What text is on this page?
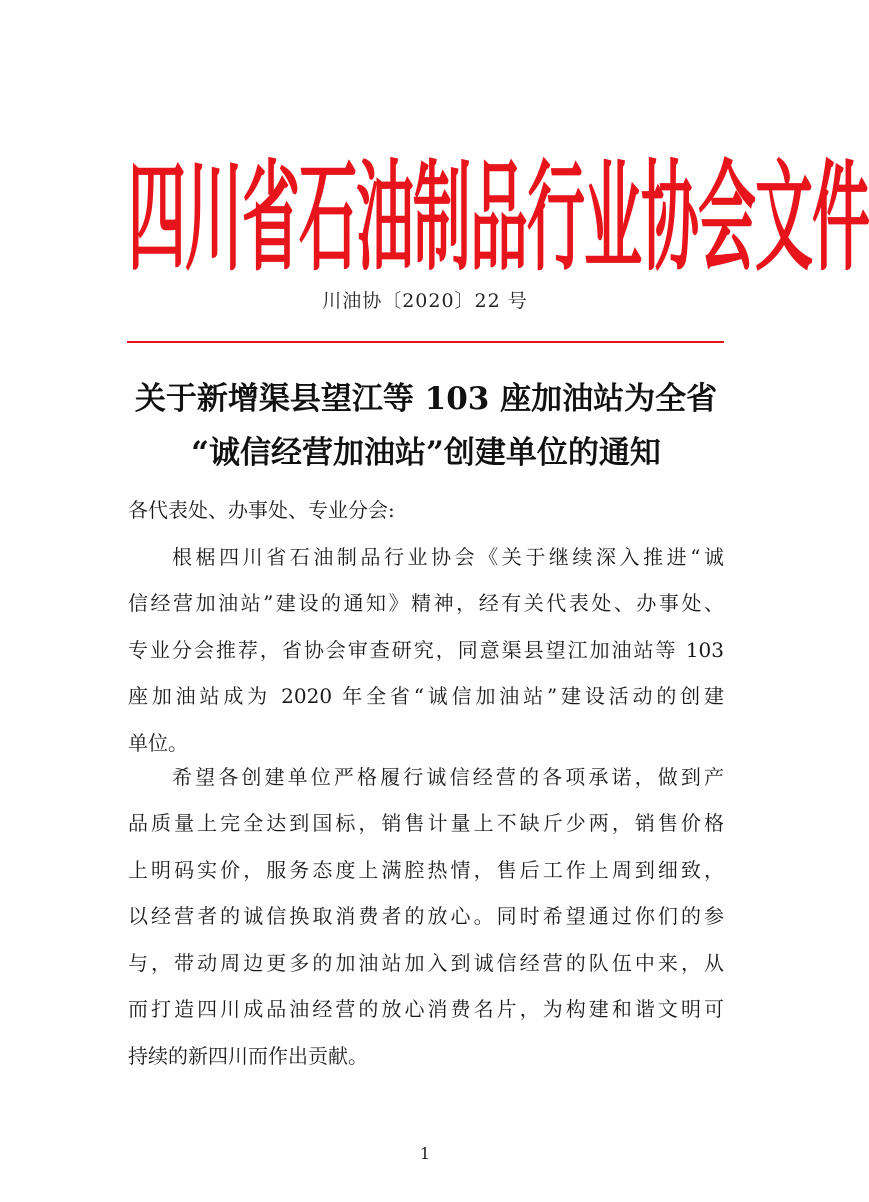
四川省石油制品行业协会文件
川油协〔2020〕22 号
关于新增渠县望江等 103 座加油站为全省
“诚信经营加油站”创建单位的通知
各代表处、办事处、专业分会:
根椐四川省石油制品行业协会《关于继续深入推进“诚
信经营加油站”建设的通知》精神，经有关代表处、办事处、
专业分会推荐，省协会审查研究，同意渠县望江加油站等 103
座加油站成为 2020 年全省“诚信加油站”建设活动的创建
单位。
希望各创建单位严格履行诚信经营的各项承诺，做到产
品质量上完全达到国标，销售计量上不缺斤少两，销售价格
上明码实价，服务态度上满腔热情，售后工作上周到细致，
以经营者的诚信换取消费者的放心。同时希望通过你们的参
与，带动周边更多的加油站加入到诚信经营的队伍中来，从
而打造四川成品油经营的放心消费名片，为构建和谐文明可
持续的新四川而作出贡献。
1
